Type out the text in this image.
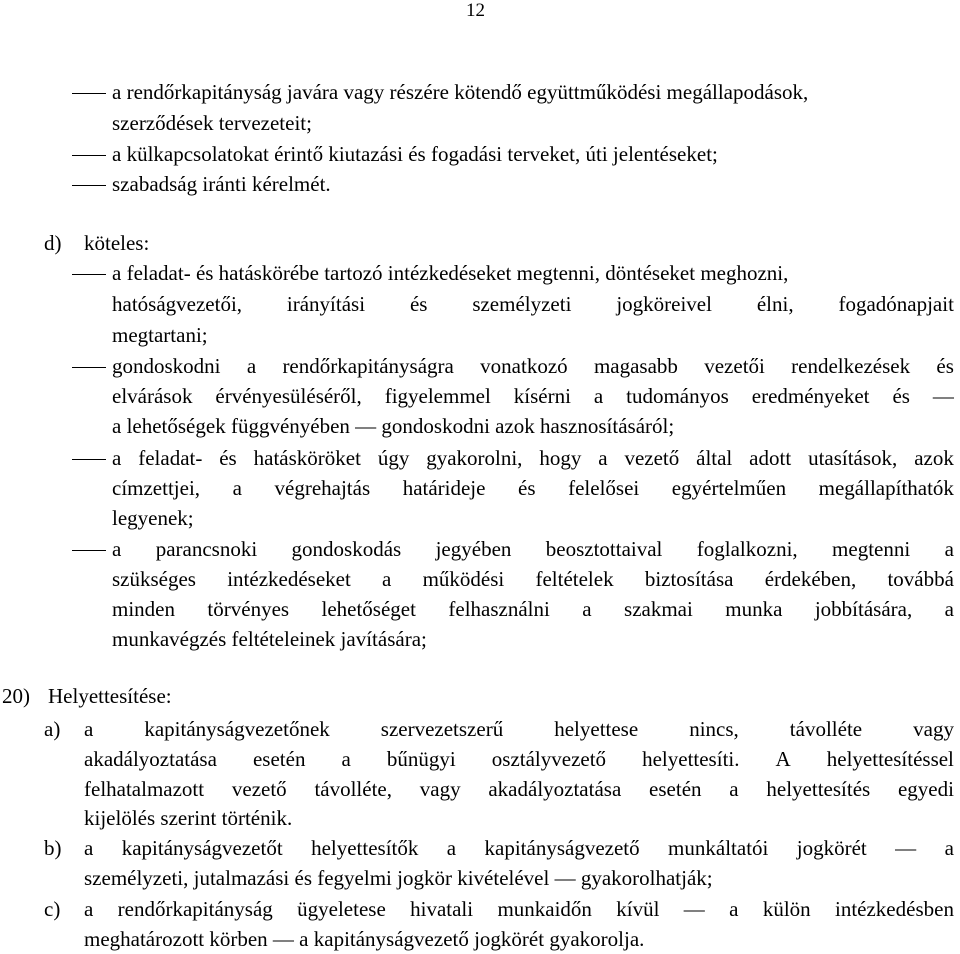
12
a rendőrkapitányság javára vagy részére kötendő együttműködési megállapodások,
szerződések tervezeteit;
a külkapcsolatokat érintő kiutazási és fogadási terveket, úti jelentéseket;
szabadság iránti kérelmét.
d) köteles:
a feladat- és hatáskörébe tartozó intézkedéseket megtenni, döntéseket meghozni,
hatóságvezetői, irányítási és személyzeti jogköreivel élni, fogadónapjait
megtartani;
gondoskodni a rendőrkapitányságra vonatkozó magasabb vezetői rendelkezések és
elvárások érvényesüléséről, figyelemmel kísérni a tudományos eredményeket és —
a lehetőségek függvényében — gondoskodni azok hasznosításáról;
a feladat- és hatásköröket úgy gyakorolni, hogy a vezető által adott utasítások, azok
címzettjei, a végrehajtás határideje és felelősei egyértelműen megállapíthatók
legyenek;
a parancsnoki gondoskodás jegyében beosztottaival foglalkozni, megtenni a
szükséges intézkedéseket a működési feltételek biztosítása érdekében, továbbá
minden törvényes lehetőséget felhasználni a szakmai munka jobbítására, a
munkavégzés feltételeinek javítására;
20) Helyettesítése:
a) a kapitányságvezetőnek szervezetszerű helyettese nincs, távolléte vagy
akadályoztatása esetén a bűnügyi osztályvezető helyettesíti. A helyettesítéssel
felhatalmazott vezető távolléte, vagy akadályoztatása esetén a helyettesítés egyedi
kijelölés szerint történik.
b) a kapitányságvezetőt helyettesítők a kapitányságvezető munkáltatói jogkörét — a
személyzeti, jutalmazási és fegyelmi jogkör kivételével — gyakorolhatják;
c) a rendőrkapitányság ügyeletese hivatali munkaidőn kívül — a külön intézkedésben
meghatározott körben — a kapitányságvezető jogkörét gyakorolja.
